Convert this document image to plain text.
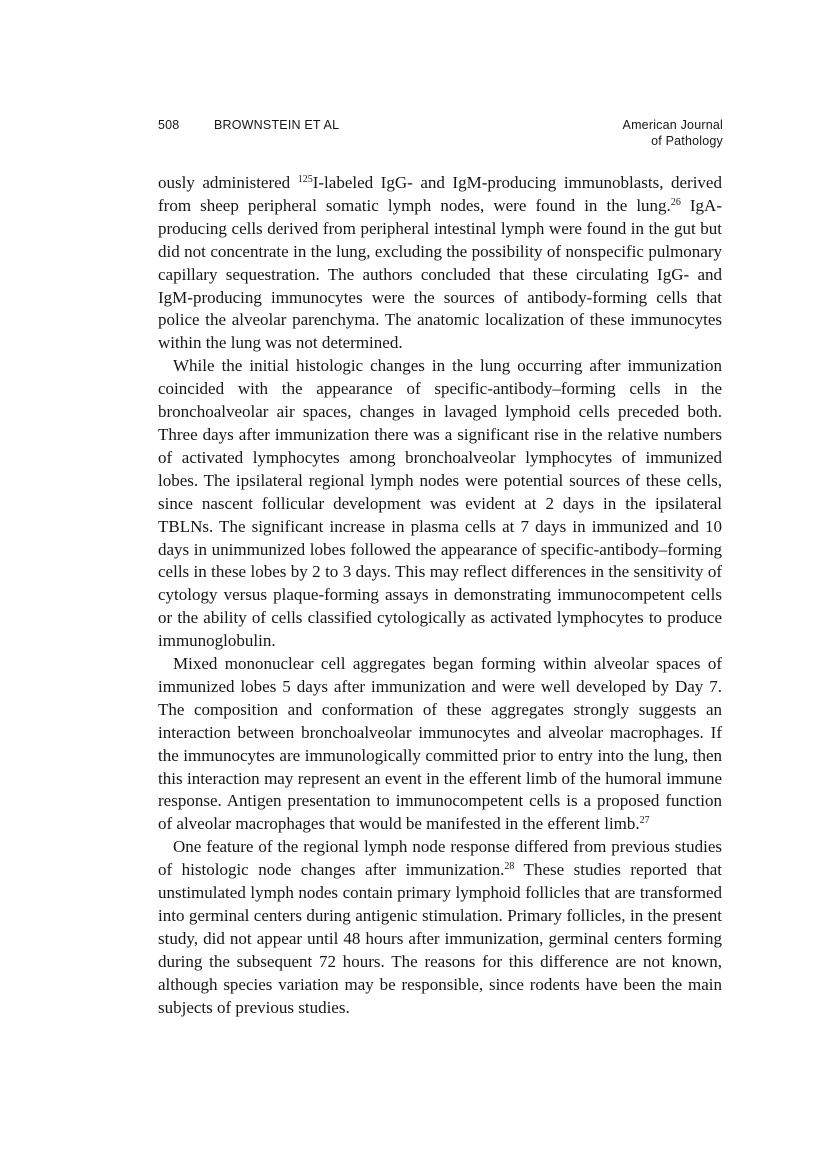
508	BROWNSTEIN ET AL	American Journal
of Pathology

ously administered $^{125}$I-labeled IgG- and IgM-producing immunoblasts, derived from sheep peripheral somatic lymph nodes, were found in the lung.$^{26}$ IgA-producing cells derived from peripheral intestinal lymph were found in the gut but did not concentrate in the lung, excluding the possibility of nonspecific pulmonary capillary sequestration. The authors concluded that these circulating IgG- and IgM-producing immunocytes were the sources of antibody-forming cells that police the alveolar parenchyma. The anatomic localization of these immunocytes within the lung was not determined.

While the initial histologic changes in the lung occurring after immunization coincided with the appearance of specific-antibody–forming cells in the bronchoalveolar air spaces, changes in lavaged lymphoid cells preceded both. Three days after immunization there was a significant rise in the relative numbers of activated lymphocytes among bronchoalveolar lymphocytes of immunized lobes. The ipsilateral regional lymph nodes were potential sources of these cells, since nascent follicular development was evident at 2 days in the ipsilateral TBLNs. The significant increase in plasma cells at 7 days in immunized and 10 days in unimmunized lobes followed the appearance of specific-antibody–forming cells in these lobes by 2 to 3 days. This may reflect differences in the sensitivity of cytology versus plaque-forming assays in demonstrating immunocompetent cells or the ability of cells classified cytologically as activated lymphocytes to produce immunoglobulin.

Mixed mononuclear cell aggregates began forming within alveolar spaces of immunized lobes 5 days after immunization and were well developed by Day 7. The composition and conformation of these aggregates strongly suggests an interaction between bronchoalveolar immunocytes and alveolar macrophages. If the immunocytes are immunologically committed prior to entry into the lung, then this interaction may represent an event in the efferent limb of the humoral immune response. Antigen presentation to immunocompetent cells is a proposed function of alveolar macrophages that would be manifested in the efferent limb.$^{27}$

One feature of the regional lymph node response differed from previous studies of histologic node changes after immunization.$^{28}$ These studies reported that unstimulated lymph nodes contain primary lymphoid follicles that are transformed into germinal centers during antigenic stimulation. Primary follicles, in the present study, did not appear until 48 hours after immunization, germinal centers forming during the subsequent 72 hours. The reasons for this difference are not known, although species variation may be responsible, since rodents have been the main subjects of previous studies.
